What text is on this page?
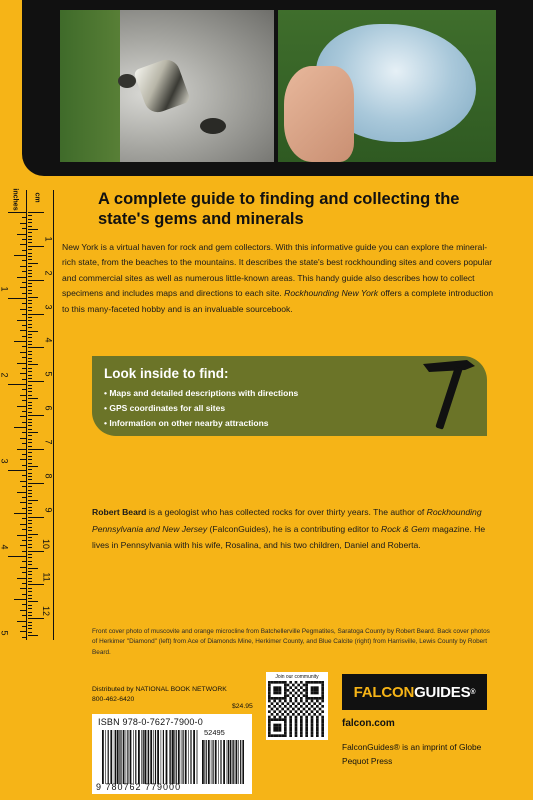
inches
1
2
3
4
5
cm
1
2
3
4
5
6
7
8
9
10
11
12
A complete guide to finding and collecting the state's gems and minerals
New York is a virtual haven for rock and gem collectors. With this informative guide you can explore the mineral-rich state, from the beaches to the mountains. It describes the state's best rockhounding sites and covers popular and commercial sites as well as numerous little-known areas. This handy guide also describes how to collect specimens and includes maps and directions to each site. Rockhounding New York offers a complete introduction to this many-faceted hobby and is an invaluable sourcebook.
Look inside to find:
• Maps and detailed descriptions with directions
• GPS coordinates for all sites
• Information on other nearby attractions
Robert Beard is a geologist who has collected rocks for over thirty years. The author of Rockhounding Pennsylvania and New Jersey (FalconGuides), he is a contributing editor to Rock & Gem magazine. He lives in Pennsylvania with his wife, Rosalina, and his two children, Daniel and Roberta.
Front cover photo of muscovite and orange microcline from Batchellerville Pegmatites, Saratoga County by Robert Beard. Back cover photos of Herkimer "Diamond" (left) from Ace of Diamonds Mine, Herkimer County, and Blue Calcite (right) from Harrisville, Lewis County by Robert Beard.
Distributed by NATIONAL BOOK NETWORK
800-462-6420
$24.95
ISBN 978-0-7627-7900-0
52495
9 780762 779000
Join our community
FALCON GUIDES ®
falcon.com
FalconGuides® is an imprint of Globe Pequot Press
